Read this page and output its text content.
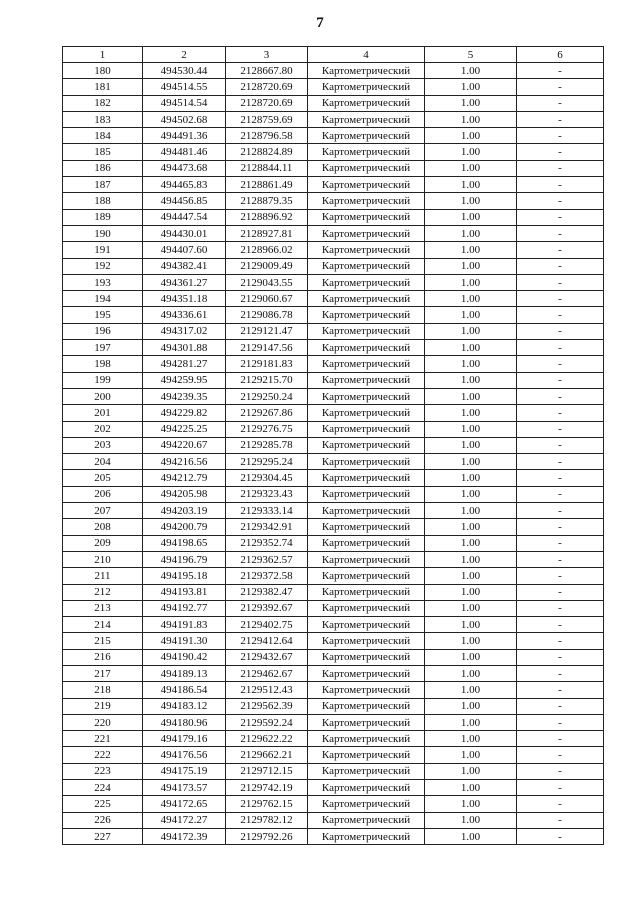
7
1	2	3	4	5	6
180	494530.44	2128667.80	Картометрический	1.00	-
181	494514.55	2128720.69	Картометрический	1.00	-
182	494514.54	2128720.69	Картометрический	1.00	-
183	494502.68	2128759.69	Картометрический	1.00	-
184	494491.36	2128796.58	Картометрический	1.00	-
185	494481.46	2128824.89	Картометрический	1.00	-
186	494473.68	2128844.11	Картометрический	1.00	-
187	494465.83	2128861.49	Картометрический	1.00	-
188	494456.85	2128879.35	Картометрический	1.00	-
189	494447.54	2128896.92	Картометрический	1.00	-
190	494430.01	2128927.81	Картометрический	1.00	-
191	494407.60	2128966.02	Картометрический	1.00	-
192	494382.41	2129009.49	Картометрический	1.00	-
193	494361.27	2129043.55	Картометрический	1.00	-
194	494351.18	2129060.67	Картометрический	1.00	-
195	494336.61	2129086.78	Картометрический	1.00	-
196	494317.02	2129121.47	Картометрический	1.00	-
197	494301.88	2129147.56	Картометрический	1.00	-
198	494281.27	2129181.83	Картометрический	1.00	-
199	494259.95	2129215.70	Картометрический	1.00	-
200	494239.35	2129250.24	Картометрический	1.00	-
201	494229.82	2129267.86	Картометрический	1.00	-
202	494225.25	2129276.75	Картометрический	1.00	-
203	494220.67	2129285.78	Картометрический	1.00	-
204	494216.56	2129295.24	Картометрический	1.00	-
205	494212.79	2129304.45	Картометрический	1.00	-
206	494205.98	2129323.43	Картометрический	1.00	-
207	494203.19	2129333.14	Картометрический	1.00	-
208	494200.79	2129342.91	Картометрический	1.00	-
209	494198.65	2129352.74	Картометрический	1.00	-
210	494196.79	2129362.57	Картометрический	1.00	-
211	494195.18	2129372.58	Картометрический	1.00	-
212	494193.81	2129382.47	Картометрический	1.00	-
213	494192.77	2129392.67	Картометрический	1.00	-
214	494191.83	2129402.75	Картометрический	1.00	-
215	494191.30	2129412.64	Картометрический	1.00	-
216	494190.42	2129432.67	Картометрический	1.00	-
217	494189.13	2129462.67	Картометрический	1.00	-
218	494186.54	2129512.43	Картометрический	1.00	-
219	494183.12	2129562.39	Картометрический	1.00	-
220	494180.96	2129592.24	Картометрический	1.00	-
221	494179.16	2129622.22	Картометрический	1.00	-
222	494176.56	2129662.21	Картометрический	1.00	-
223	494175.19	2129712.15	Картометрический	1.00	-
224	494173.57	2129742.19	Картометрический	1.00	-
225	494172.65	2129762.15	Картометрический	1.00	-
226	494172.27	2129782.12	Картометрический	1.00	-
227	494172.39	2129792.26	Картометрический	1.00	-
